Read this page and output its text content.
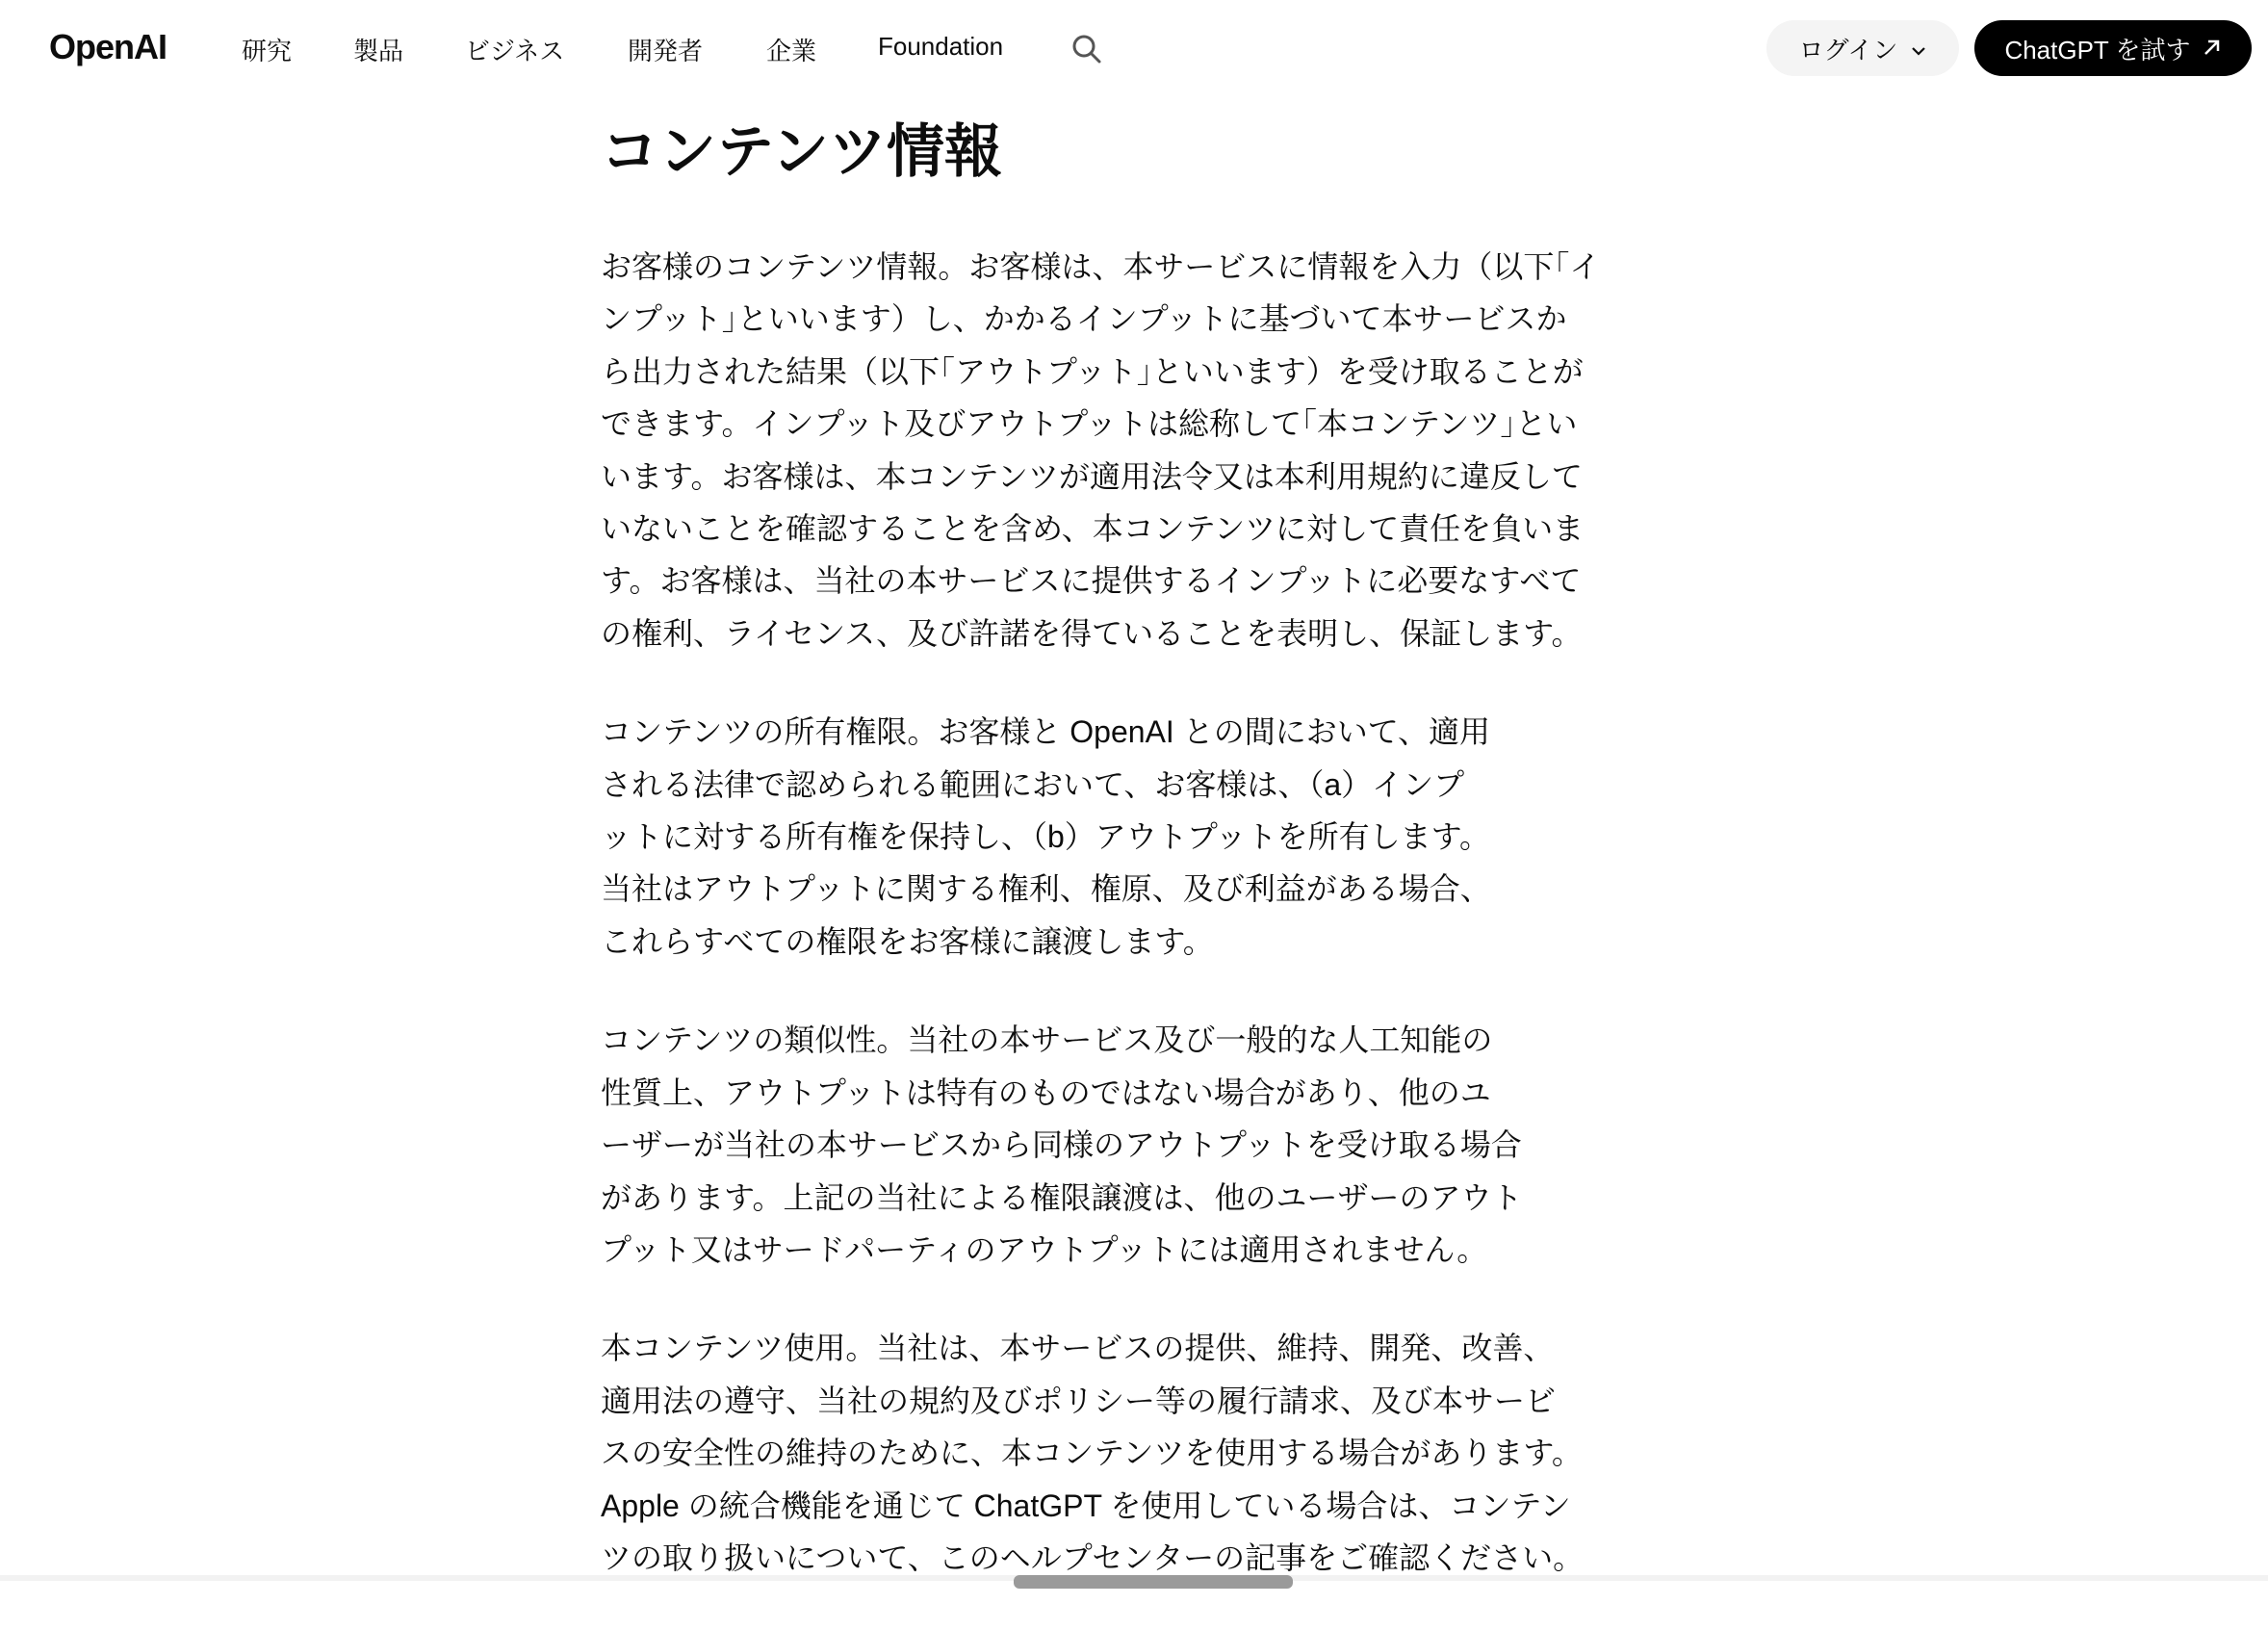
OpenAI	研究 製品 ビジネス	開発者	企業 Foundation	ログイン	ChatGPT を試す
コンテンツ情報
お客様のコンテンツ情報。お客様は、本サービスに情報を入力（以下｢イ
ンプット｣といいます）し、かかるインプットに基づいて本サービスか
ら出力された結果（以下｢アウトプット｣といいます）を受け取ることが
できます。インプット及びアウトプットは総称して｢本コンテンツ｣とい
います。お客様は、本コンテンツが適用法令又は本利用規約に違反して
いないことを確認することを含め、本コンテンツに対して責任を負いま
す。お客様は、当社の本サービスに提供するインプットに必要なすべて
の権利、ライセンス、及び許諾を得ていることを表明し、保証します。
コンテンツの所有権限。お客様と OpenAI との間において、適用
される法律で認められる範囲において、お客様は、（a）インプ
ットに対する所有権を保持し、（b）アウトプットを所有します。
当社はアウトプットに関する権利、権原、及び利益がある場合、
これらすべての権限をお客様に譲渡します。
コンテンツの類似性。当社の本サービス及び一般的な人工知能の
性質上、アウトプットは特有のものではない場合があり、他のユ
ーザーが当社の本サービスから同様のアウトプットを受け取る場合
があります。上記の当社による権限譲渡は、他のユーザーのアウト
プット又はサードパーティのアウトプットには適用されません。
本コンテンツ使用。当社は、本サービスの提供、維持、開発、改善、
適用法の遵守、当社の規約及びポリシー等の履行請求、及び本サービ
スの安全性の維持のために、本コンテンツを使用する場合があります。
Apple の統合機能を通じて ChatGPT を使用している場合は、コンテン
ツの取り扱いについて、このヘルプセンターの記事をご確認ください。
